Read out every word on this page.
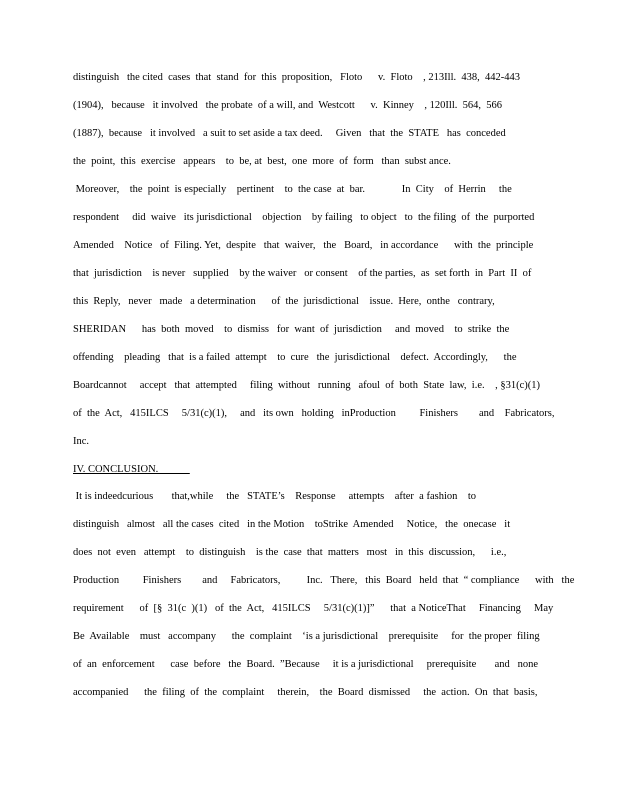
distinguish   the cited  cases  that  stand  for  this  proposition,   Floto      v.  Floto    , 213Ill.  438,  442-443
(1904),   because   it involved   the probate  of a will, and  Westcott      v.  Kinney    , 120Ill.  564,  566
(1887),  because   it involved   a suit to set aside a tax deed.     Given   that  the  STATE   has  conceded
the  point,  this  exercise   appears    to  be, at  best,  one  more  of  form   than  subst ance.
Moreover,    the  point  is especially    pertinent    to  the case  at  bar.              In  City    of  Herrin     the
respondent     did  waive   its jurisdictional    objection    by failing   to object   to  the filing  of  the  purported
Amended    Notice   of  Filing. Yet,  despite   that  waiver,   the   Board,   in accordance      with  the  principle
that  jurisdiction    is never   supplied    by the waiver   or consent    of the parties,  as  set forth  in  Part  II  of
this  Reply,   never   made   a determination      of  the  jurisdictional    issue.  Here,  onthe   contrary,
SHERIDAN      has  both  moved    to  dismiss   for  want  of  jurisdiction     and  moved    to  strike  the
offending    pleading   that  is a failed  attempt    to  cure   the  jurisdictional    defect.  Accordingly,      the
Boardcannot     accept   that  attempted     filing  without   running   afoul  of  both  State  law,  i.e.    , §31(c)(1)
of  the  Act,   415ILCS     5/31(c)(1),     and   its own   holding   inProduction         Finishers        and    Fabricators,
Inc.
IV. CONCLUSION.
It is indeedcurious       that,while     the   STATE’s    Response     attempts    after  a fashion    to
distinguish   almost   all the cases  cited   in the Motion    toStrike  Amended     Notice,   the  onecase   it
does  not  even   attempt    to  distinguish    is the  case  that  matters   most   in  this  discussion,      i.e.,
Production         Finishers        and     Fabricators,          Inc.   There,   this  Board   held  that  “ compliance      with   the
requirement      of  [§  31(c  )(1)   of  the  Act,   415ILCS     5/31(c)(1)]”      that  a NoticeThat     Financing     May
Be  Available    must   accompany      the  complaint    ‘is a jurisdictional    prerequisite     for  the proper  filing
of  an  enforcement      case  before   the  Board.  ”Because     it is a jurisdictional     prerequisite       and   none
accompanied      the  filing  of  the  complaint     therein,    the  Board  dismissed     the  action.  On  that  basis,
